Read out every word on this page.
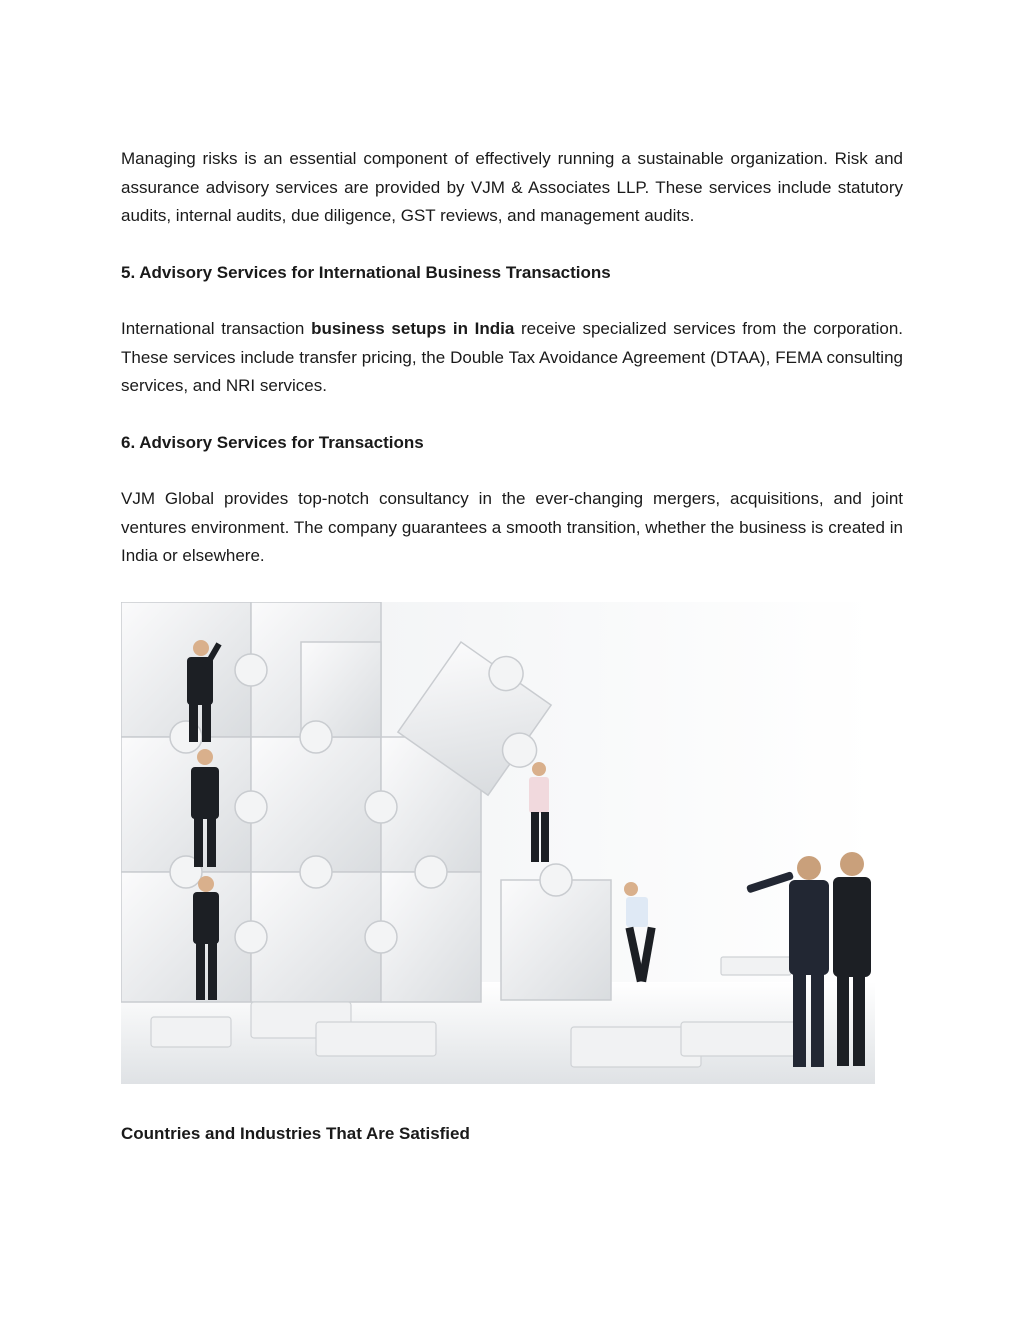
Managing risks is an essential component of effectively running a sustainable organization. Risk and assurance advisory services are provided by VJM & Associates LLP. These services include statutory audits, internal audits, due diligence, GST reviews, and management audits.

5. Advisory Services for International Business Transactions

International transaction business setups in India receive specialized services from the corporation. These services include transfer pricing, the Double Tax Avoidance Agreement (DTAA), FEMA consulting services, and NRI services.

6. Advisory Services for Transactions

VJM Global provides top-notch consultancy in the ever-changing mergers, acquisitions, and joint ventures environment. The company guarantees a smooth transition, whether the business is created in India or elsewhere.

Countries and Industries That Are Satisfied
